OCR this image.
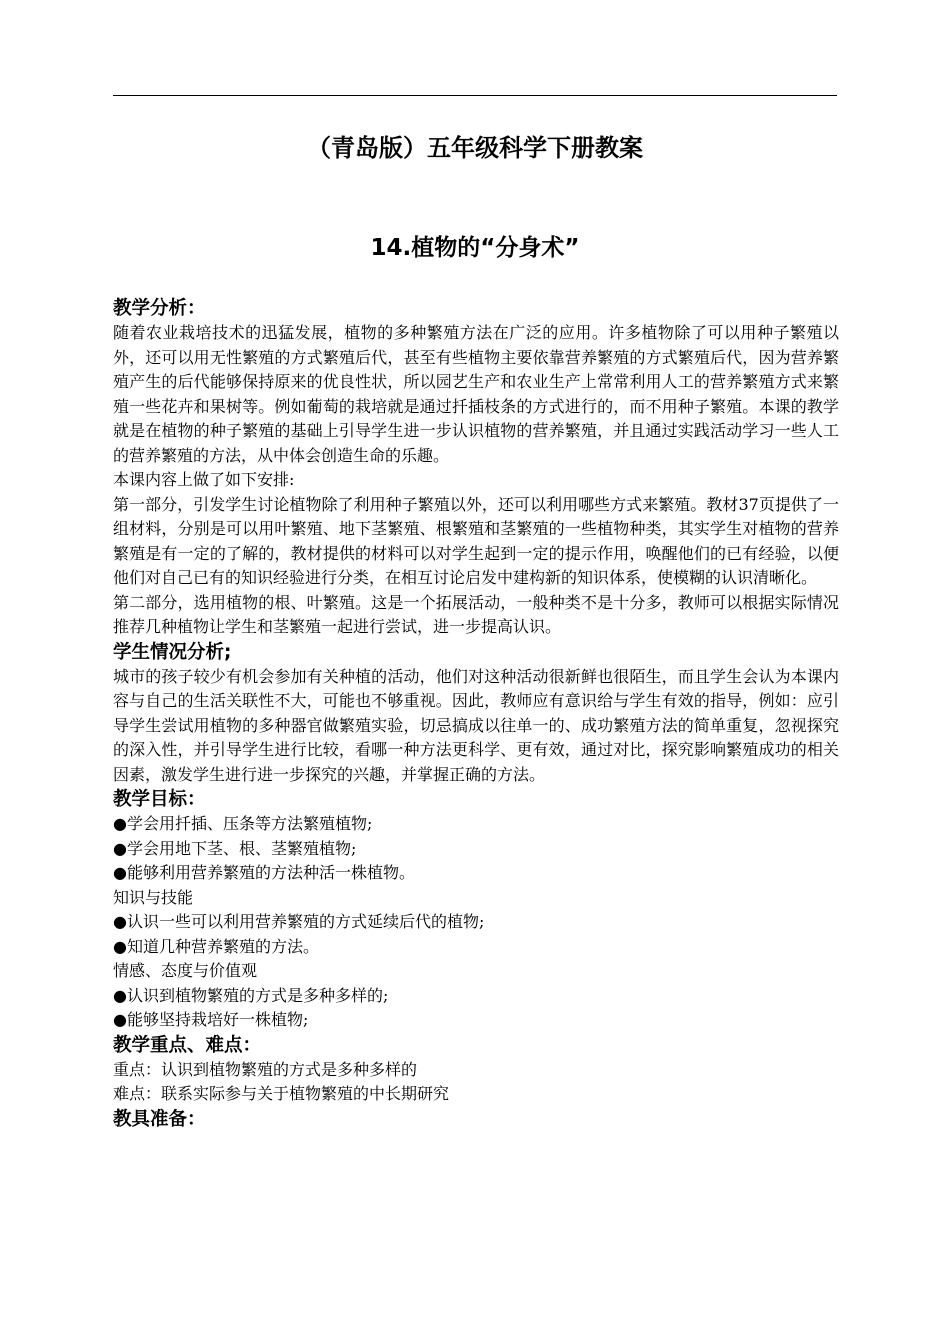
（青岛版）五年级科学下册教案
14.植物的“分身术”
教学分析：

随着农业栽培技术的迅猛发展，植物的多种繁殖方法在广泛的应用。许多植物除了可以用种子繁殖以外，还可以用无性繁殖的方式繁殖后代，甚至有些植物主要依靠营养繁殖的方式繁殖后代，因为营养繁殖产生的后代能够保持原来的优良性状，所以园艺生产和农业生产上常常利用人工的营养繁殖方式来繁殖一些花卉和果树等。例如葡萄的栽培就是通过扦插枝条的方式进行的，而不用种子繁殖。本课的教学就是在植物的种子繁殖的基础上引导学生进一步认识植物的营养繁殖，并且通过实践活动学习一些人工的营养繁殖的方法，从中体会创造生命的乐趣。

本课内容上做了如下安排:

第一部分，引发学生讨论植物除了利用种子繁殖以外，还可以利用哪些方式来繁殖。教材37页提供了一组材料，分别是可以用叶繁殖、地下茎繁殖、根繁殖和茎繁殖的一些植物种类，其实学生对植物的营养繁殖是有一定的了解的，教材提供的材料可以对学生起到一定的提示作用，唤醒他们的已有经验，以便他们对自己已有的知识经验进行分类，在相互讨论启发中建构新的知识体系，使模糊的认识清晰化。

第二部分，选用植物的根、叶繁殖。这是一个拓展活动，一般种类不是十分多，教师可以根据实际情况推荐几种植物让学生和茎繁殖一起进行尝试，进一步提高认识。

学生情况分析;

城市的孩子较少有机会参加有关种植的活动，他们对这种活动很新鲜也很陌生，而且学生会认为本课内容与自己的生活关联性不大，可能也不够重视。因此，教师应有意识给与学生有效的指导，例如：应引导学生尝试用植物的多种器官做繁殖实验，切忌搞成以往单一的、成功繁殖方法的简单重复，忽视探究的深入性，并引导学生进行比较，看哪一种方法更科学、更有效，通过对比，探究影响繁殖成功的相关因素，激发学生进行进一步探究的兴趣，并掌握正确的方法。

教学目标：
●学会用扦插、压条等方法繁殖植物;
●学会用地下茎、根、茎繁殖植物;
●能够利用营养繁殖的方法种活一株植物。

知识与技能

●认识一些可以利用营养繁殖的方式延续后代的植物;
●知道几种营养繁殖的方法。

情感、态度与价值观

●认识到植物繁殖的方式是多种多样的;
●能够坚持栽培好一株植物;
教学重点、难点：

重点：认识到植物繁殖的方式是多种多样的

难点：联系实际参与关于植物繁殖的中长期研究

教具准备：
